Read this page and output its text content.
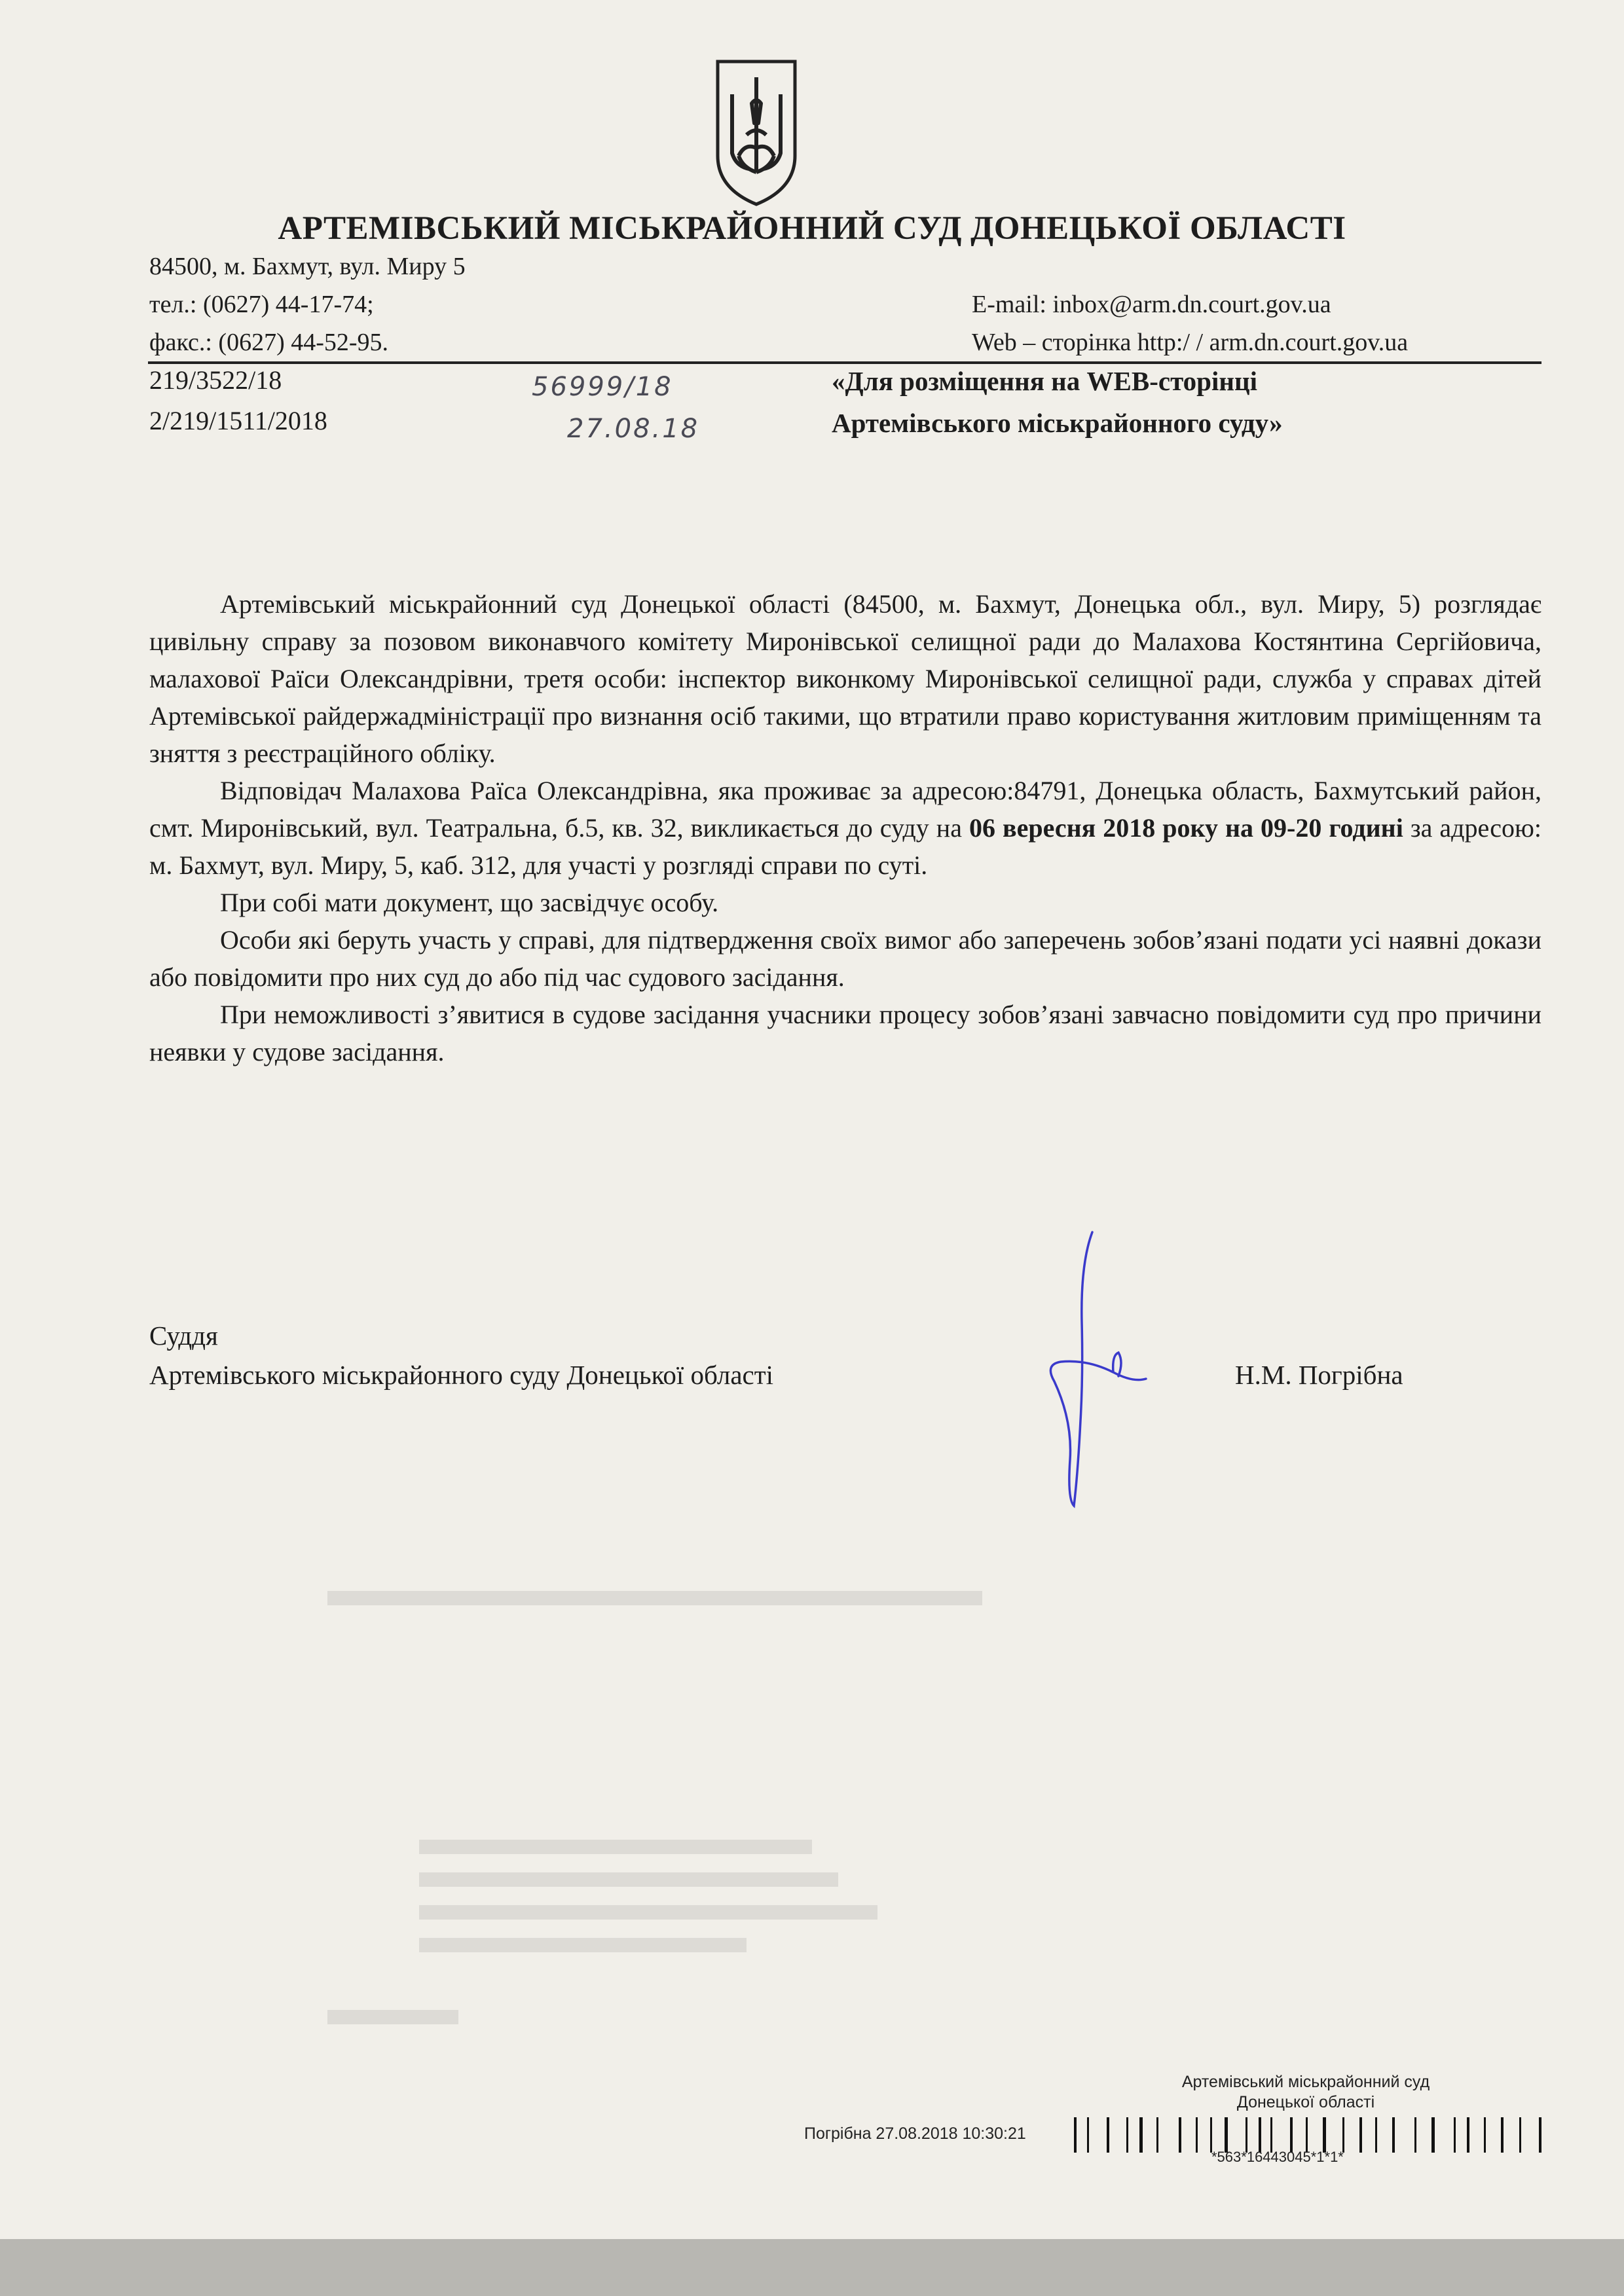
АРТЕМІВСЬКИЙ МІСЬКРАЙОННИЙ СУД ДОНЕЦЬКОЇ ОБЛАСТІ
84500, м. Бахмут, вул. Миру 5
тел.: (0627) 44-17-74;
факс.: (0627) 44-52-95.
E-mail: inbox@arm.dn.court.gov.ua
Web – сторінка http:/ / arm.dn.court.gov.ua
219/3522/18
2/219/1511/2018
56999/18
27.08.18
«Для розміщення на WEB-сторінці
Артемівського міськрайонного суду»

Артемівський міськрайонний суд Донецької області (84500, м. Бахмут, Донецька обл., вул. Миру, 5) розглядає цивільну справу за позовом виконавчого комітету Миронівської селищної ради до Малахова Костянтина Сергійовича, малахової Раїси Олександрівни, третя особи: інспектор виконкому Миронівської селищної ради, служба у справах дітей Артемівської райдержадміністрації про визнання осіб такими, що втратили право користування житловим приміщенням та зняття з реєстраційного обліку.

Відповідач Малахова Раїса Олександрівна, яка проживає за адресою:84791, Донецька область, Бахмутський район, смт. Миронівський, вул. Театральна, б.5, кв. 32, викликається до суду на 06 вересня 2018 року на 09-20 годині за адресою: м. Бахмут, вул. Миру, 5, каб. 312, для участі у розгляді справи по суті.

При собі мати документ, що засвідчує особу.

Особи які беруть участь у справі, для підтвердження своїх вимог або заперечень зобов’язані подати усі наявні докази або повідомити про них суд до або під час судового засідання.

При неможливості з’явитися в судове засідання учасники процесу зобов’язані завчасно повідомити суд про причини неявки у судове засідання.

Суддя
Артемівського міськрайонного суду Донецької області	Н.М. Погрібна
Артемівський міськрайонний суд
Донецької області
Погрібна 27.08.2018 10:30:21
*563*16443045*1*1*
